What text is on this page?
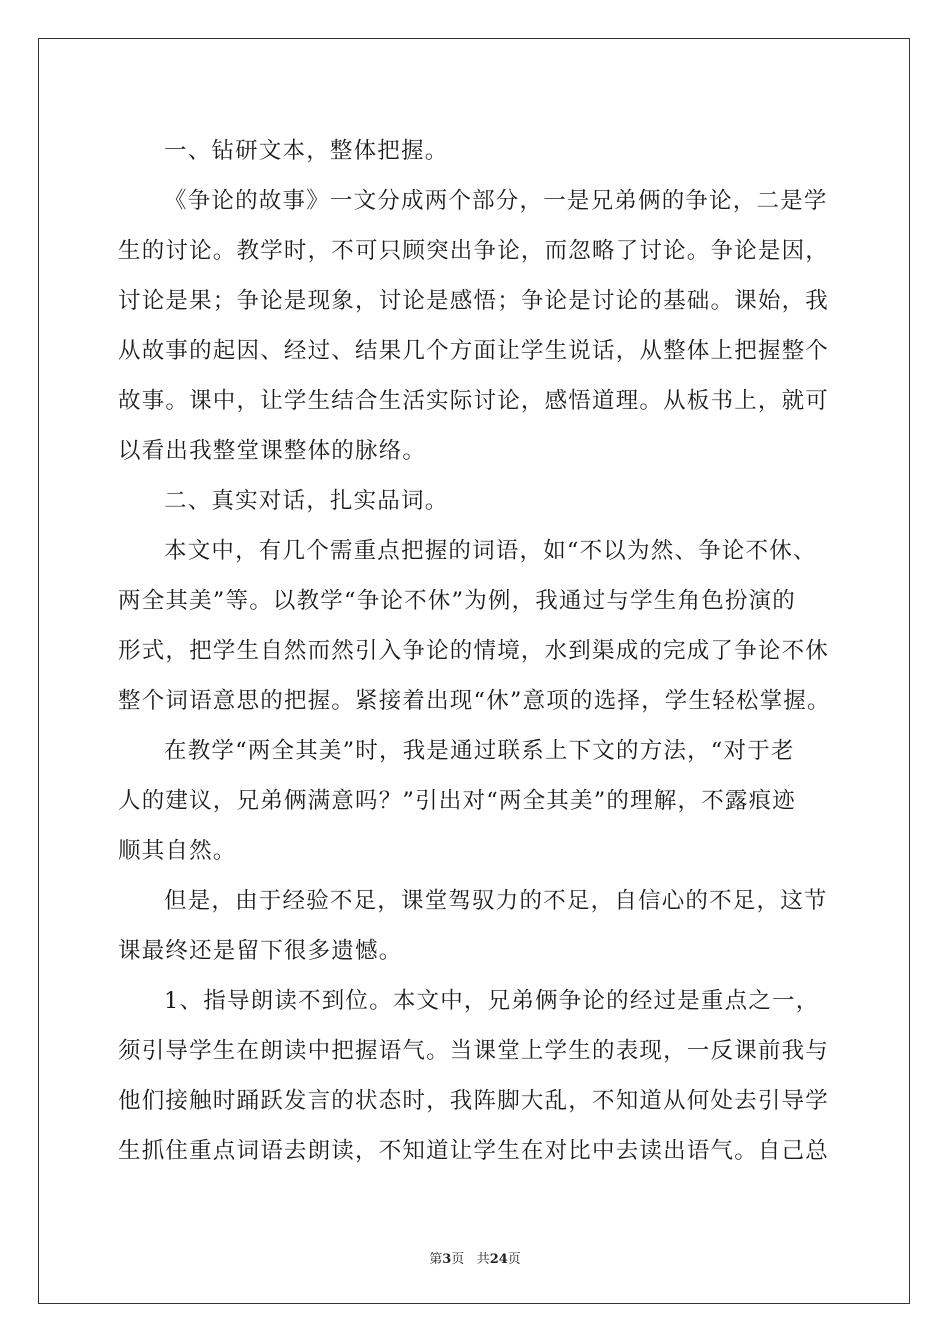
一、钻研文本，整体把握。
《争论的故事》一文分成两个部分，一是兄弟俩的争论，二是学
生的讨论。教学时，不可只顾突出争论，而忽略了讨论。争论是因，
讨论是果；争论是现象，讨论是感悟；争论是讨论的基础。课始，我
从故事的起因、经过、结果几个方面让学生说话，从整体上把握整个
故事。课中，让学生结合生活实际讨论，感悟道理。从板书上，就可
以看出我整堂课整体的脉络。
二、真实对话，扎实品词。
本文中，有几个需重点把握的词语，如“不以为然、争论不休、
两全其美”等。以教学“争论不休”为例，我通过与学生角色扮演的
形式，把学生自然而然引入争论的情境，水到渠成的完成了争论不休
整个词语意思的把握。紧接着出现“休”意项的选择，学生轻松掌握。
在教学“两全其美”时，我是通过联系上下文的方法，“对于老
人的建议，兄弟俩满意吗？”引出对“两全其美”的理解，不露痕迹
顺其自然。
但是，由于经验不足，课堂驾驭力的不足，自信心的不足，这节
课最终还是留下很多遗憾。
1、指导朗读不到位。本文中，兄弟俩争论的经过是重点之一，
须引导学生在朗读中把握语气。当课堂上学生的表现，一反课前我与
他们接触时踊跃发言的状态时，我阵脚大乱，不知道从何处去引导学
生抓住重点词语去朗读，不知道让学生在对比中去读出语气。自己总
第3页 共24页
